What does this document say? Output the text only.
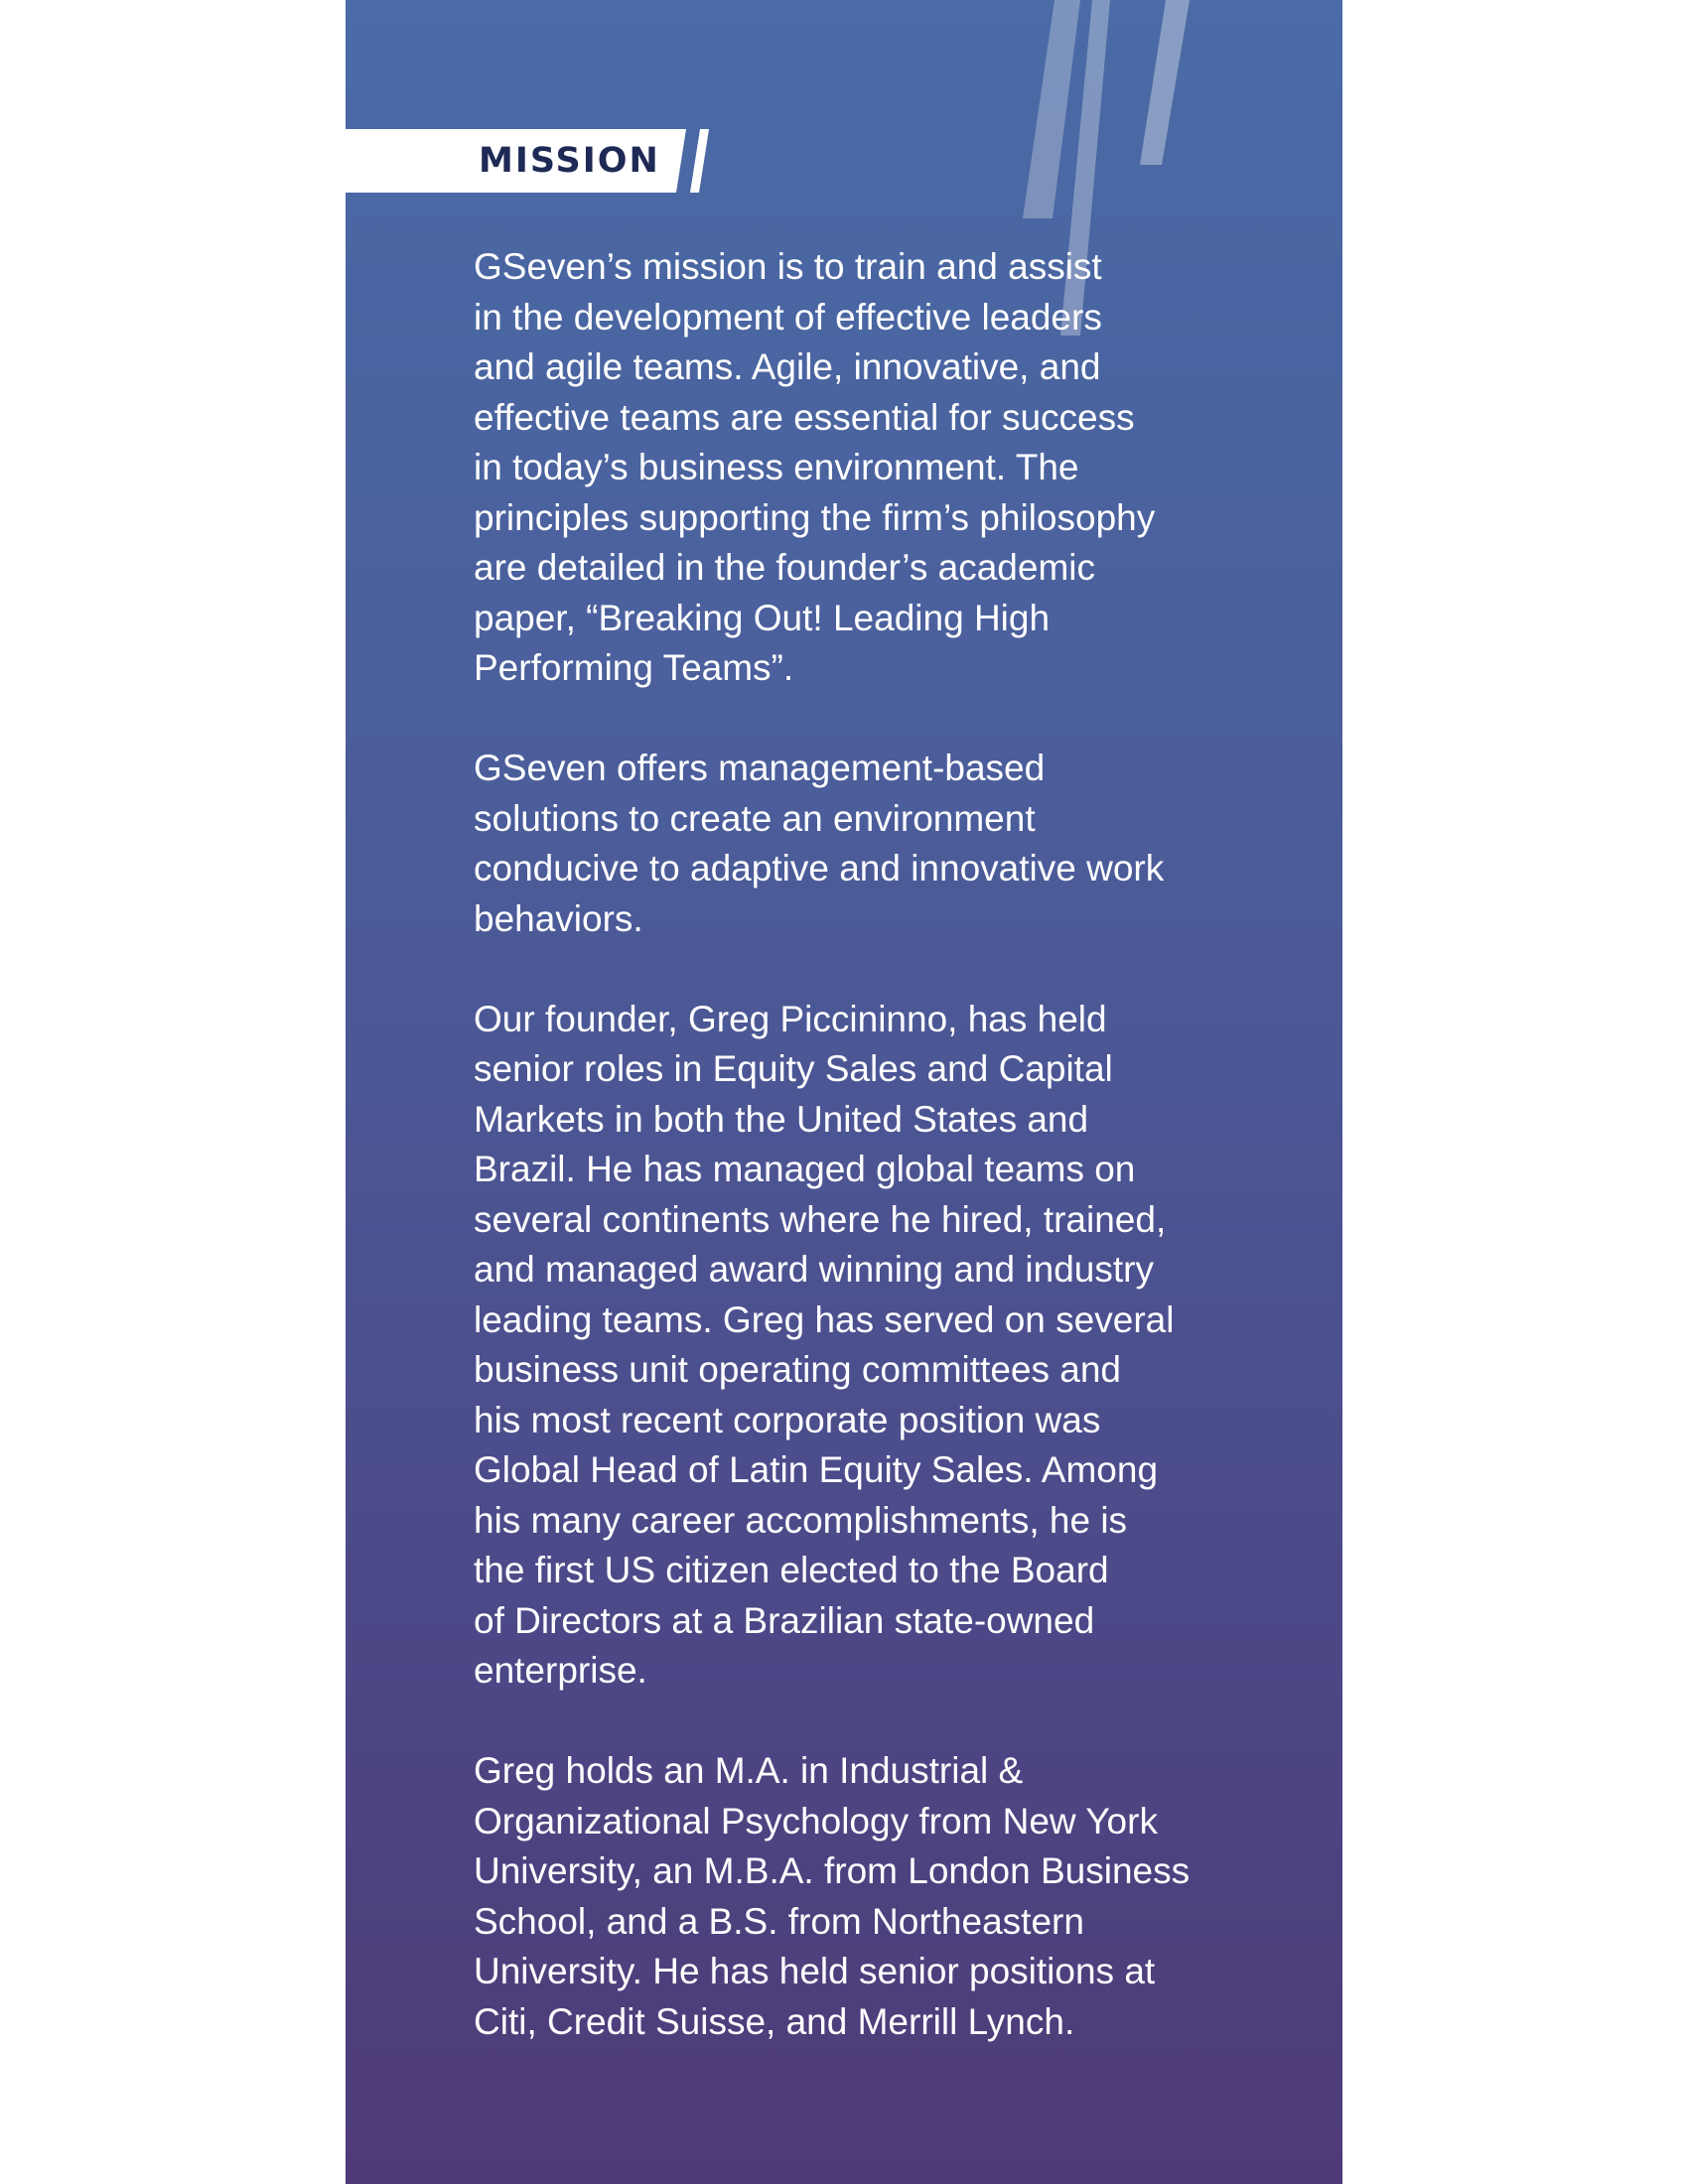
MISSION

GSeven’s mission is to train and assist
in the development of effective leaders
and agile teams. Agile, innovative, and
effective teams are essential for success
in today’s business environment. The
principles supporting the firm’s philosophy
are detailed in the founder’s academic
paper, “Breaking Out! Leading High
Performing Teams”.

GSeven offers management-based
solutions to create an environment
conducive to adaptive and innovative work
behaviors.

Our founder, Greg Piccininno, has held
senior roles in Equity Sales and Capital
Markets in both the United States and
Brazil. He has managed global teams on
several continents where he hired, trained,
and managed award winning and industry
leading teams. Greg has served on several
business unit operating committees and
his most recent corporate position was
Global Head of Latin Equity Sales. Among
his many career accomplishments, he is
the first US citizen elected to the Board
of Directors at a Brazilian state-owned
enterprise.

Greg holds an M.A. in Industrial &
Organizational Psychology from New York
University, an M.B.A. from London Business
School, and a B.S. from Northeastern
University. He has held senior positions at
Citi, Credit Suisse, and Merrill Lynch.
